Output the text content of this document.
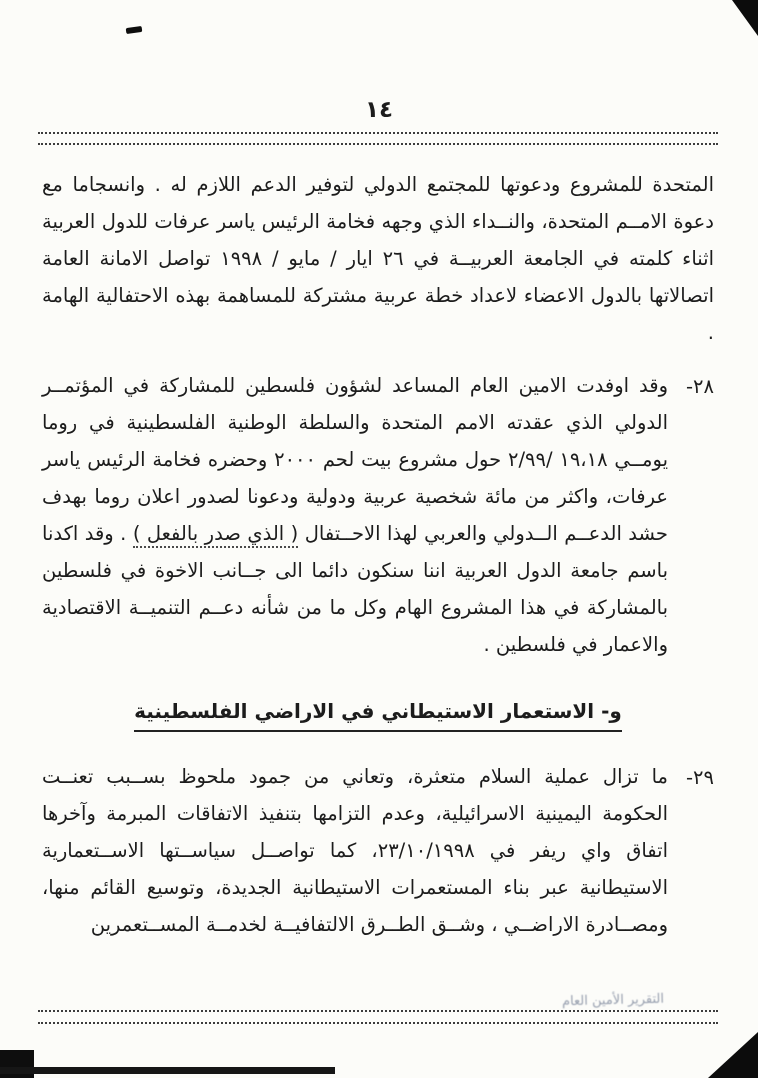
١٤

المتحدة للمشروع ودعوتها للمجتمع الدولي لتوفير الدعم اللازم له . وانسجاما مع دعوة الامــم المتحدة، والنــداء الذي وجهه فخامة الرئيس ياسر عرفات للدول العربية اثناء كلمته في الجامعة العربيــة في ٢٦ ايار / مايو / ١٩٩٨ تواصل الامانة العامة اتصالاتها بالدول الاعضاء لاعداد خطة عربية مشتركة للمساهمة بهذه الاحتفالية الهامة .

٢٨-

وقد اوفدت الامين العام المساعد لشؤون فلسطين للمشاركة في المؤتمــر الدولي الذي عقدته الامم المتحدة والسلطة الوطنية الفلسطينية في روما يومــي ١٩،١٨ /٢/٩٩ حول مشروع بيت لحم ٢٠٠٠ وحضره فخامة الرئيس ياسر عرفات، واكثر من مائة شخصية عربية ودولية ودعونا لصدور اعلان روما بهدف حشد الدعــم الــدولي والعربي لهذا الاحــتفال ( الذي صدر بالفعل ) . وقد اكدنا باسم جامعة الدول العربية اننا سنكون دائما الى جــانب الاخوة في فلسطين بالمشاركة في هذا المشروع الهام وكل ما من شأنه دعــم التنميــة الاقتصادية والاعمار في فلسطين .

و- الاستعمار الاستيطاني في الاراضي الفلسطينية
٢٩-

ما تزال عملية السلام متعثرة، وتعاني من جمود ملحوظ بســبب تعنــت الحكومة اليمينية الاسرائيلية، وعدم التزامها بتنفيذ الاتفاقات المبرمة وآخرها اتفاق واي ريفر في ٢٣/١٠/١٩٩٨، كما تواصــل سياســتها الاســتعمارية الاستيطانية عبر بناء المستعمرات الاستيطانية الجديدة، وتوسيع القائم منها، ومصــادرة الاراضــي ، وشــق الطــرق الالتفافيــة لخدمــة المســتعمرين

التقرير الأمين العام
